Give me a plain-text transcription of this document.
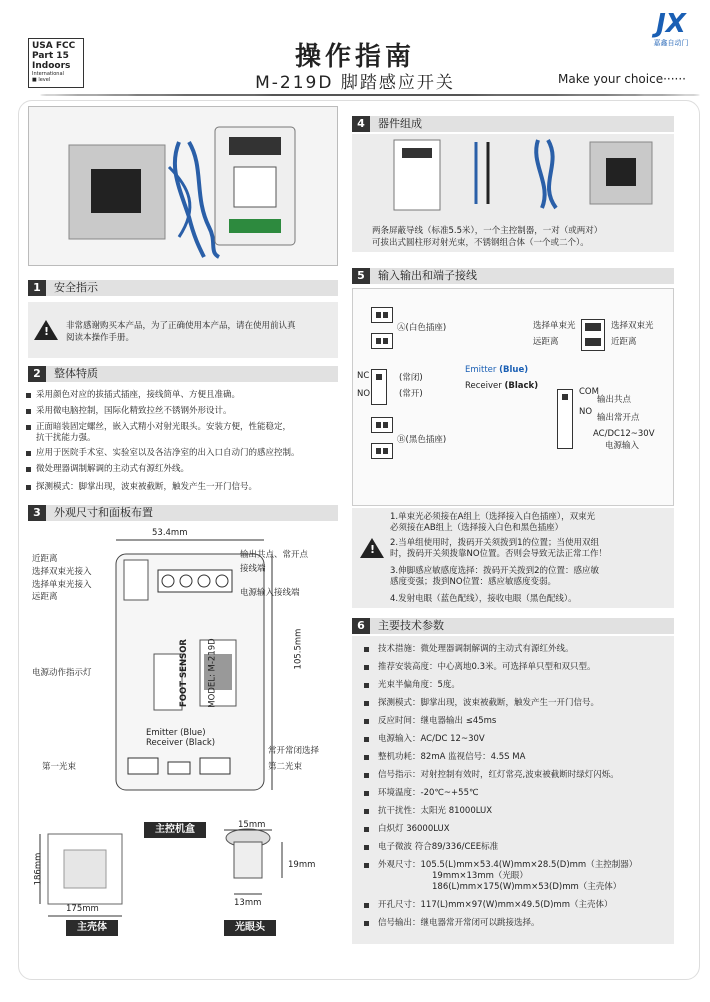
USA FCC
Part 15
Indoors
International
■ level
操作指南
M-219D 脚踏感应开关	Make your choice······
JX
嘉鑫自动门
1	安全指示
! 非常感谢购买本产品，为了正确使用本产品，请在使用前认真
阅读本操作手册。
2	整体特质
采用颜色对应的拔插式插座，接线简单、方便且准确。
采用微电脑控制，国际化精致拉丝不锈钢外形设计。
正面暗装固定螺丝，嵌入式精小对射光眼头。安装方便，性能稳定，
抗干扰能力强。
应用于医院手术室、实验室以及各洁净室的出入口自动门的感应控制。
微处理器调制解调的主动式有源红外线。
探测模式：脚掌出现，波束被截断，触发产生一开门信号。
3	外观尺寸和面板布置
53.4mm
105.5mm
近距离
选择双束光接入
选择单束光接入
远距离
输出共点、常开点
接线端
电源输入接线端
电源动作指示灯
常开常闭选择
第一光束	第二光束
FOOT SENSOR MODEL: M-219D
Emitter (Blue)
Receiver (Black)
主控机盒
主壳体	光眼头
186mm
175mm
15mm
19mm
13mm
4	器件组成
两条屏蔽导线（标准5.5米），一个主控制器，一对（或两对）
可拔出式圆柱形对射光束，不锈钢组合体（一个或二个）。
5	输入输出和端子接线
Ⓐ(白色插座)
NC
NO
(常闭)
(常开)
Ⓑ(黑色插座)
Emitter (Blue)
Receiver (Black)
选择单束光
远距离
选择双束光
近距离
COM
输出共点
NO
输出常开点
AC/DC12~30V
电源输入
!
1.单束光必须接在A组上（选择接入白色插座），双束光
必须接在AB组上（选择接入白色和黑色插座）
2.当单组使用时，拨码开关须拨到1的位置；当使用双组
时，拨码开关须拨靠NO位置。否则会导致无法正常工作！
3.伸脚感应敏感度选择：拨码开关拨到2的位置：感应敏
感度变强；拨到NO位置：感应敏感度变弱。
4.发射电眼（蓝色配线），接收电眼（黑色配线）。
6	主要技术参数
技术措施：微处理器调制解调的主动式有源红外线。
推荐安装高度：中心离地0.3米。可选择单只型和双只型。
光束半偏角度：5度。
探测模式：脚掌出现，波束被截断，触发产生一开门信号。
反应时间：继电器输出 ≤45ms
电源输入：AC/DC 12~30V
整机功耗：82mA 监视信号：4.5S MA
信号指示：对射控制有效时，红灯常亮,波束被截断时绿灯闪烁。
环境温度：-20℃~+55℃
抗干扰性：太阳光 81000LUX
白炽灯 36000LUX
电子微波 符合89/336/CEE标准
外观尺寸：105.5(L)mm×53.4(W)mm×28.5(D)mm（主控制器）
19mm×13mm（光眼）
186(L)mm×175(W)mm×53(D)mm（主壳体）
开孔尺寸：117(L)mm×97(W)mm×49.5(D)mm（主壳体）
信号输出：继电器常开常闭可以跳接选择。
